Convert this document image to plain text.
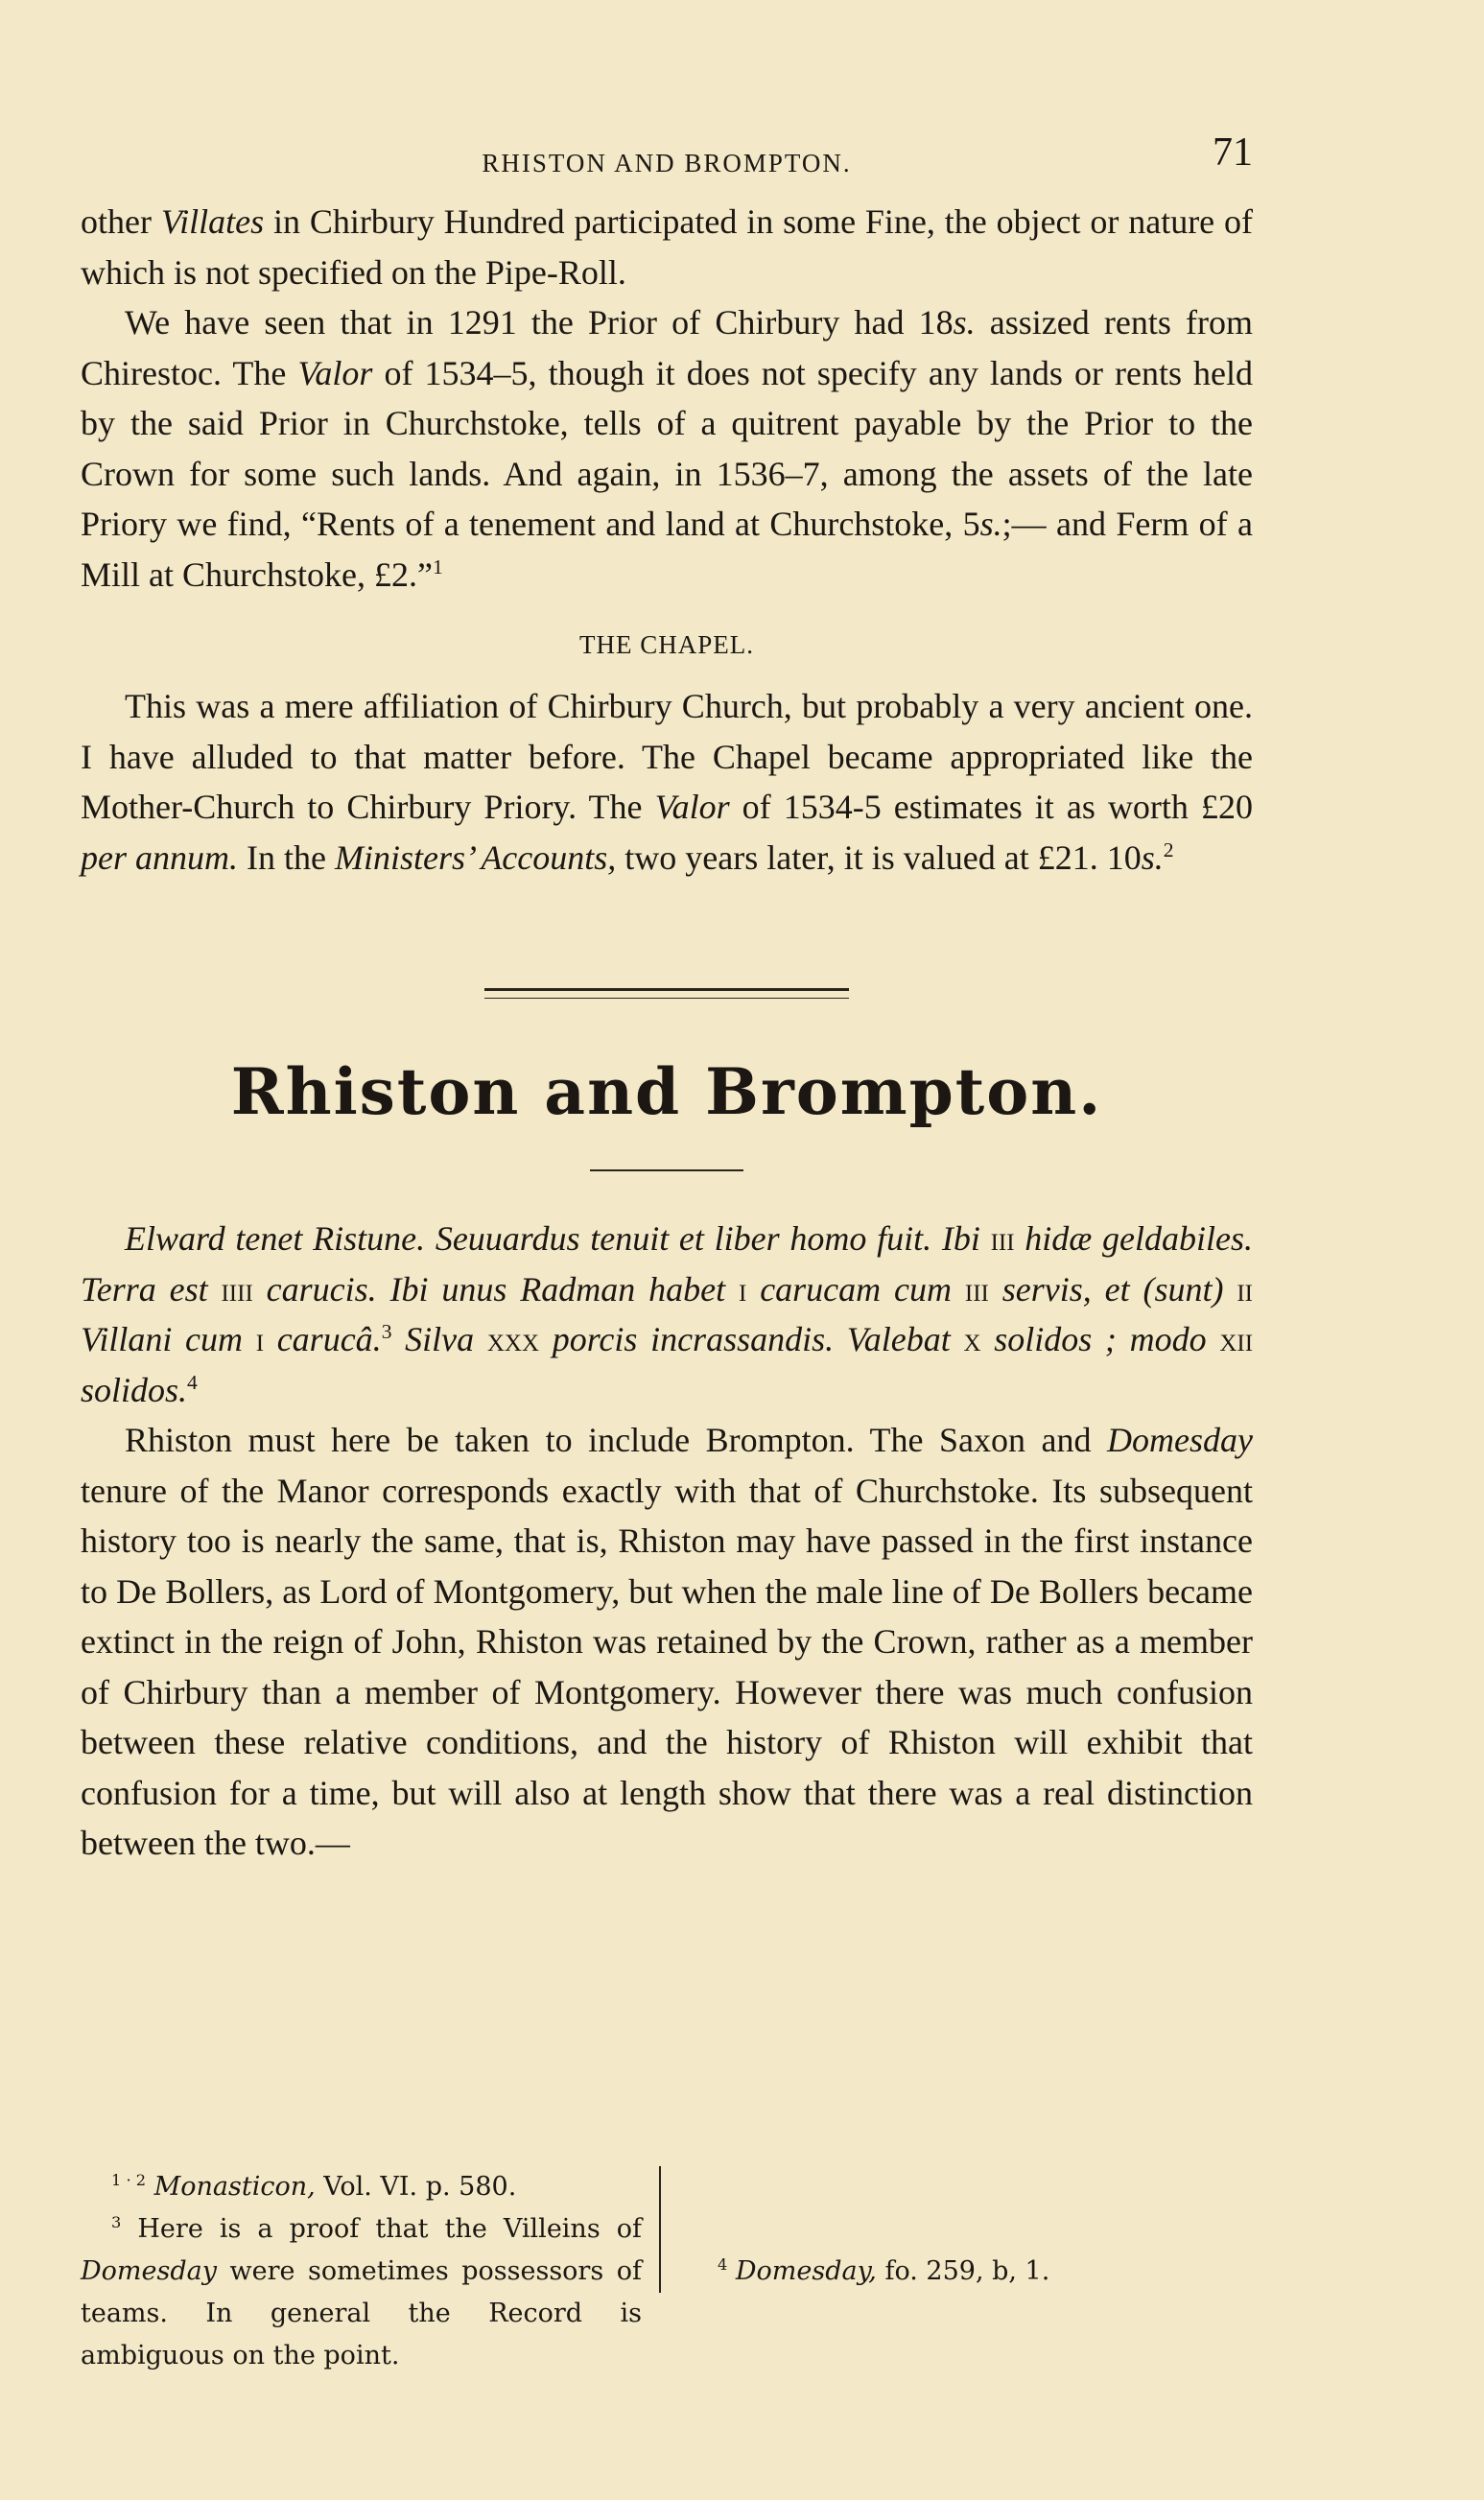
RHISTON AND BROMPTON.	71

other Villates in Chirbury Hundred participated in some Fine, the object or nature of which is not specified on the Pipe-Roll.

We have seen that in 1291 the Prior of Chirbury had 18s. assized rents from Chirestoc. The Valor of 1534–5, though it does not specify any lands or rents held by the said Prior in Churchstoke, tells of a quitrent payable by the Prior to the Crown for some such lands. And again, in 1536–7, among the assets of the late Priory we find, “Rents of a tenement and land at Churchstoke, 5s.;— and Ferm of a Mill at Churchstoke, £2.”$^1$

THE CHAPEL.

This was a mere affiliation of Chirbury Church, but probably a very ancient one. I have alluded to that matter before. The Chapel became appropriated like the Mother-Church to Chirbury Priory. The Valor of 1534-5 estimates it as worth £20 per annum. In the Ministers’ Accounts, two years later, it is valued at £21. 10s.$^2$

Rhiston and Brompton.

Elward tenet Ristune. Seuuardus tenuit et liber homo fuit. Ibi iii hidæ geldabiles. Terra est iiii carucis. Ibi unus Radman habet i carucam cum iii servis, et (sunt) ii Villani cum i carucâ.$^3$ Silva xxx porcis incrassandis. Valebat x solidos ; modo xii solidos.$^4$

Rhiston must here be taken to include Brompton. The Saxon and Domesday tenure of the Manor corresponds exactly with that of Churchstoke. Its subsequent history too is nearly the same, that is, Rhiston may have passed in the first instance to De Bollers, as Lord of Montgomery, but when the male line of De Bollers became extinct in the reign of John, Rhiston was retained by the Crown, rather as a member of Chirbury than a member of Montgomery. However there was much confusion between these relative conditions, and the history of Rhiston will exhibit that confusion for a time, but will also at length show that there was a real distinction between the two.—

$^{1 \cdot 2}$ Monasticon, Vol. VI. p. 580.
$^3$ Here is a proof that the Villeins of Domesday were sometimes possessors of teams. In general the Record is ambiguous on the point.
$^4$ Domesday, fo. 259, b, 1.
